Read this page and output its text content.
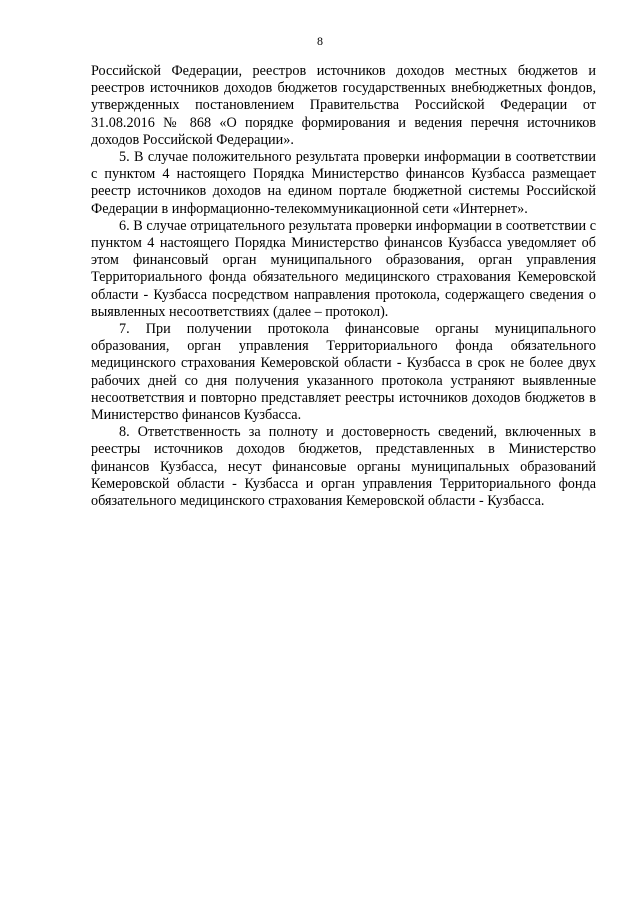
8

Российской Федерации, реестров источников доходов местных бюджетов и реестров источников доходов бюджетов государственных внебюджетных фондов, утвержденных постановлением Правительства Российской Федерации от 31.08.2016 № 868 «О порядке формирования и ведения перечня источников доходов Российской Федерации».

5. В случае положительного результата проверки информации в соответствии с пунктом 4 настоящего Порядка Министерство финансов Кузбасса размещает реестр источников доходов на едином портале бюджетной системы Российской Федерации в информационно-телекоммуникационной сети «Интернет».

6. В случае отрицательного результата проверки информации в соответствии с пунктом 4 настоящего Порядка Министерство финансов Кузбасса уведомляет об этом финансовый орган муниципального образования, орган управления Территориального фонда обязательного медицинского страхования Кемеровской области - Кузбасса посредством направления протокола, содержащего сведения о выявленных несоответствиях (далее – протокол).

7. При получении протокола финансовые органы муниципального образования, орган управления Территориального фонда обязательного медицинского страхования Кемеровской области - Кузбасса в срок не более двух рабочих дней со дня получения указанного протокола устраняют выявленные несоответствия и повторно представляет реестры источников доходов бюджетов в Министерство финансов Кузбасса.

8. Ответственность за полноту и достоверность сведений, включенных в реестры источников доходов бюджетов, представленных в Министерство финансов Кузбасса, несут финансовые органы муниципальных образований Кемеровской области - Кузбасса и орган управления Территориального фонда обязательного медицинского страхования Кемеровской области - Кузбасса.
